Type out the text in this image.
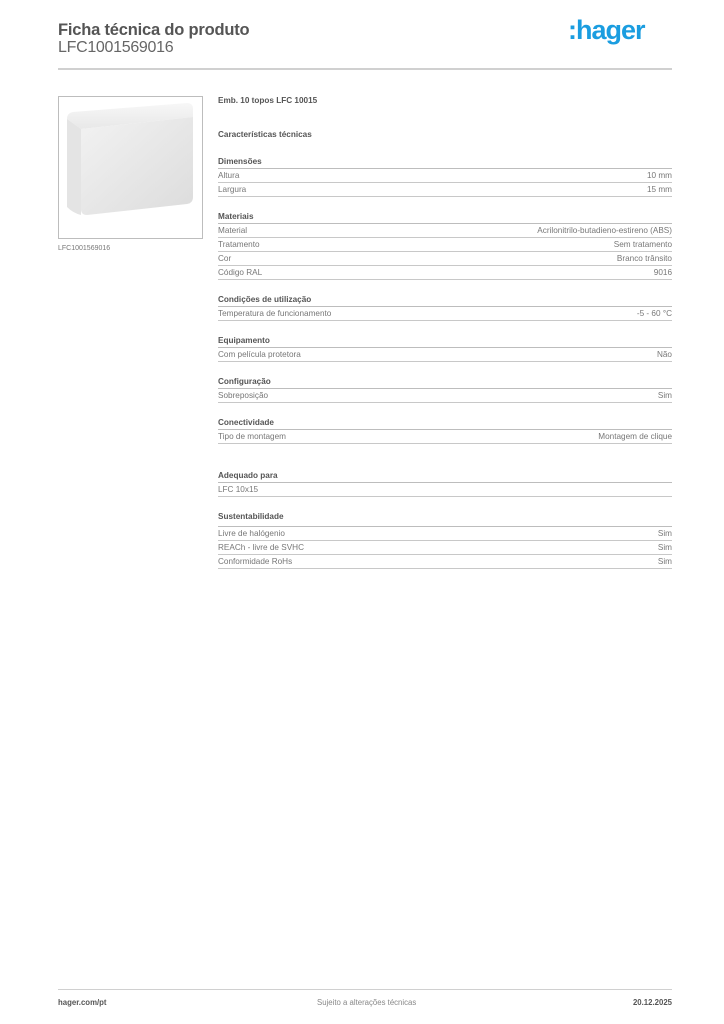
Ficha técnica do produto
LFC1001569016
:hager
LFC1001569016
Emb. 10 topos LFC 10015
Características técnicas
Dimensões
Altura	10 mm
Largura	15 mm
Materiais
Material	Acrilonitrilo-butadieno-estireno (ABS)
Tratamento	Sem tratamento
Cor	Branco trânsito
Código RAL	9016
Condições de utilização
Temperatura de funcionamento	-5 - 60 °C
Equipamento
Com película protetora	Não
Configuração
Sobreposição	Sim
Conectividade
Tipo de montagem	Montagem de clique
Adequado para
LFC 10x15
Sustentabilidade
Livre de halógenio	Sim
REACh - livre de SVHC	Sim
Conformidade RoHs	Sim
hager.com/pt	Sujeito a alterações técnicas	20.12.2025
